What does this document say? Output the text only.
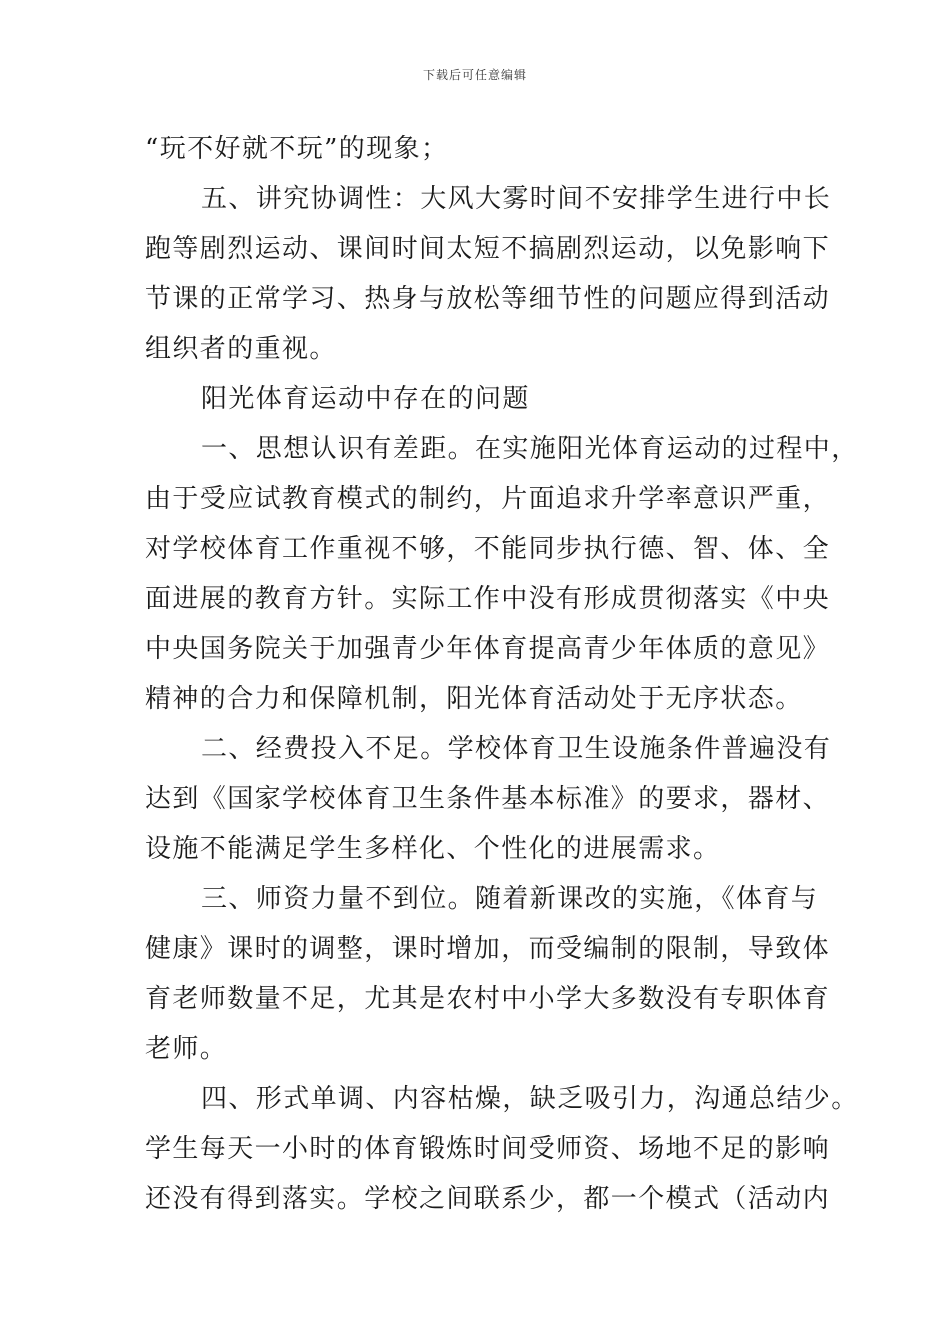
下载后可任意编辑
“玩不好就不玩”的现象；
五、讲究协调性：大风大雾时间不安排学生进行中长
跑等剧烈运动、课间时间太短不搞剧烈运动，以免影响下
节课的正常学习、热身与放松等细节性的问题应得到活动
组织者的重视。
阳光体育运动中存在的问题
一、思想认识有差距。在实施阳光体育运动的过程中，
由于受应试教育模式的制约，片面追求升学率意识严重，
对学校体育工作重视不够，不能同步执行德、智、体、全
面进展的教育方针。实际工作中没有形成贯彻落实《中央
中央国务院关于加强青少年体育提高青少年体质的意见》
精神的合力和保障机制，阳光体育活动处于无序状态。
二、经费投入不足。学校体育卫生设施条件普遍没有
达到《国家学校体育卫生条件基本标准》的要求，器材、
设施不能满足学生多样化、个性化的进展需求。
三、师资力量不到位。随着新课改的实施，《体育与
健康》课时的调整，课时增加，而受编制的限制，导致体
育老师数量不足，尤其是农村中小学大多数没有专职体育
老师。
四、形式单调、内容枯燥，缺乏吸引力，沟通总结少。
学生每天一小时的体育锻炼时间受师资、场地不足的影响
还没有得到落实。学校之间联系少，都一个模式（活动内
